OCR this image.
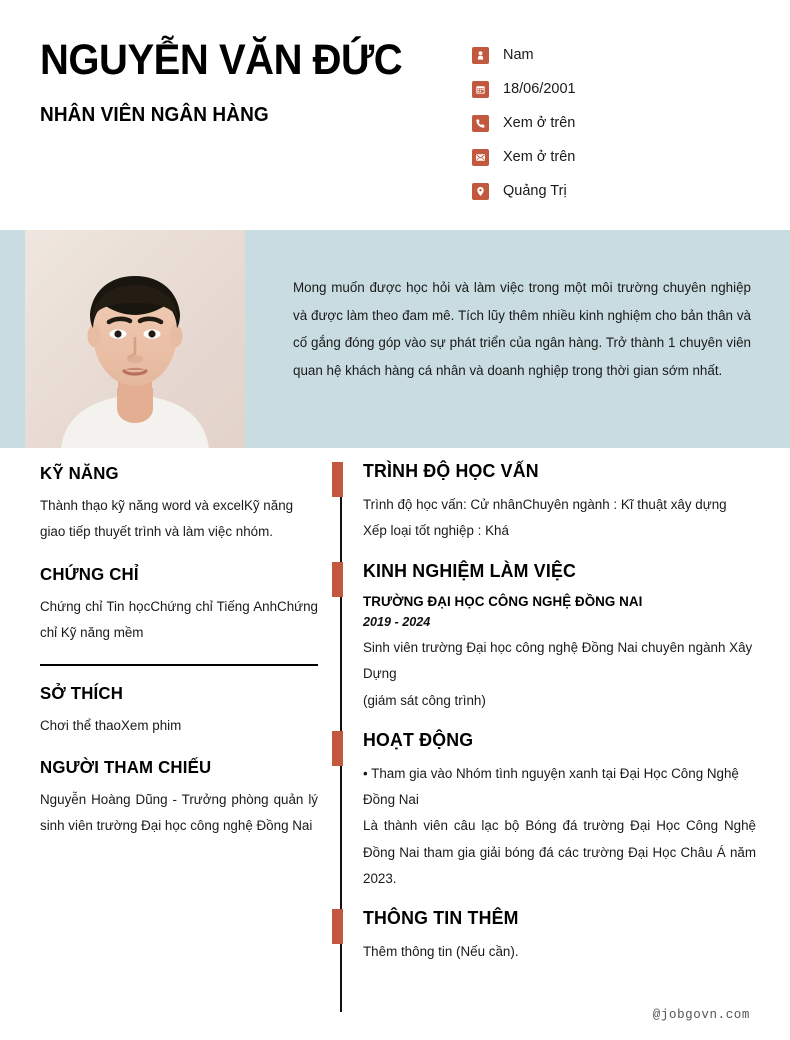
NGUYỄN VĂN ĐỨC
NHÂN VIÊN NGÂN HÀNG
Nam
18/06/2001
Xem ở trên
Xem ở trên
Quảng Trị
Mong muốn được học hỏi và làm việc trong một môi trường chuyên nghiệp và được làm theo đam mê. Tích lũy thêm nhiều kinh nghiệm cho bản thân và cố gắng đóng góp vào sự phát triển của ngân hàng. Trở thành 1 chuyên viên quan hệ khách hàng cá nhân và doanh nghiệp trong thời gian sớm nhất.
KỸ NĂNG
Thành thạo kỹ năng word và excelKỹ năng giao tiếp thuyết trình và làm việc nhóm.
CHỨNG CHỈ
Chứng chỉ Tin họcChứng chỉ Tiếng AnhChứng chỉ Kỹ năng mềm
SỞ THÍCH
Chơi thể thaoXem phim
NGƯỜI THAM CHIẾU
Nguyễn Hoàng Dũng - Trưởng phòng quản lý sinh viên trường Đại học công nghệ Đồng Nai
TRÌNH ĐỘ HỌC VẤN
Trình độ học vấn: Cử nhânChuyên ngành : Kĩ thuật xây dựng
Xếp loại tốt nghiệp : Khá
KINH NGHIỆM LÀM VIỆC
TRƯỜNG ĐẠI HỌC CÔNG NGHỆ ĐỒNG NAI
2019 - 2024
Sinh viên trường Đại học công nghệ Đồng Nai chuyên ngành Xây Dựng
(giám sát công trình)
HOẠT ĐỘNG
• Tham gia vào Nhóm tình nguyện xanh tại Đại Học Công Nghệ Đồng Nai
Là thành viên câu lạc bộ Bóng đá trường Đại Học Công Nghệ Đồng Nai tham gia giải bóng đá các trường Đại Học Châu Á năm 2023.
THÔNG TIN THÊM
Thêm thông tin (Nếu cần).
@jobgovn.com
